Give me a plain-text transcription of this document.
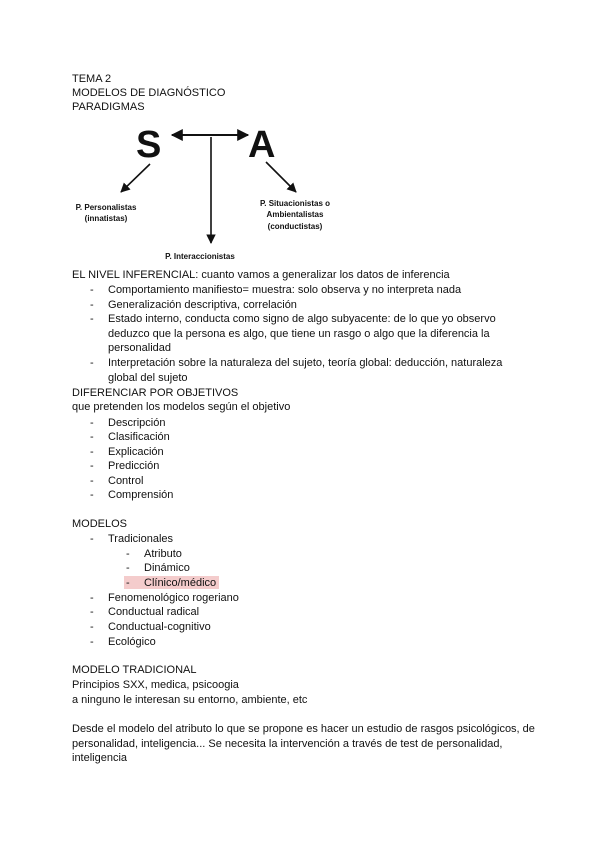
TEMA 2
MODELOS DE DIAGNÓSTICO
PARADIGMAS
S A
P. Personalistas
(innatistas)
P. Situacionistas o
Ambientalistas
(conductistas)
P. Interaccionistas
EL NIVEL INFERENCIAL: cuanto vamos a generalizar los datos de inferencia
- Comportamiento manifiesto= muestra: solo observa y no interpreta nada
- Generalización descriptiva, correlación
- Estado interno, conducta como signo de algo subyacente: de lo que yo observo deduzco que la persona es algo, que tiene un rasgo o algo que la diferencia la personalidad
- Interpretación sobre la naturaleza del sujeto, teoría global: deducción, naturaleza global del sujeto
DIFERENCIAR POR OBJETIVOS
que pretenden los modelos según el objetivo
- Descripción
- Clasificación
- Explicación
- Predicción
- Control
- Comprensión
MODELOS
- Tradicionales
- Atributo
- Dinámico
- Clínico/médico
- Fenomenológico rogeriano
- Conductual radical
- Conductual-cognitivo
- Ecológico
MODELO TRADICIONAL
Principios SXX, medica, psicoogia
a ninguno le interesan su entorno, ambiente, etc
Desde el modelo del atributo lo que se propone es hacer un estudio de rasgos psicológicos, de personalidad, inteligencia... Se necesita la intervención a través de test de personalidad, inteligencia
